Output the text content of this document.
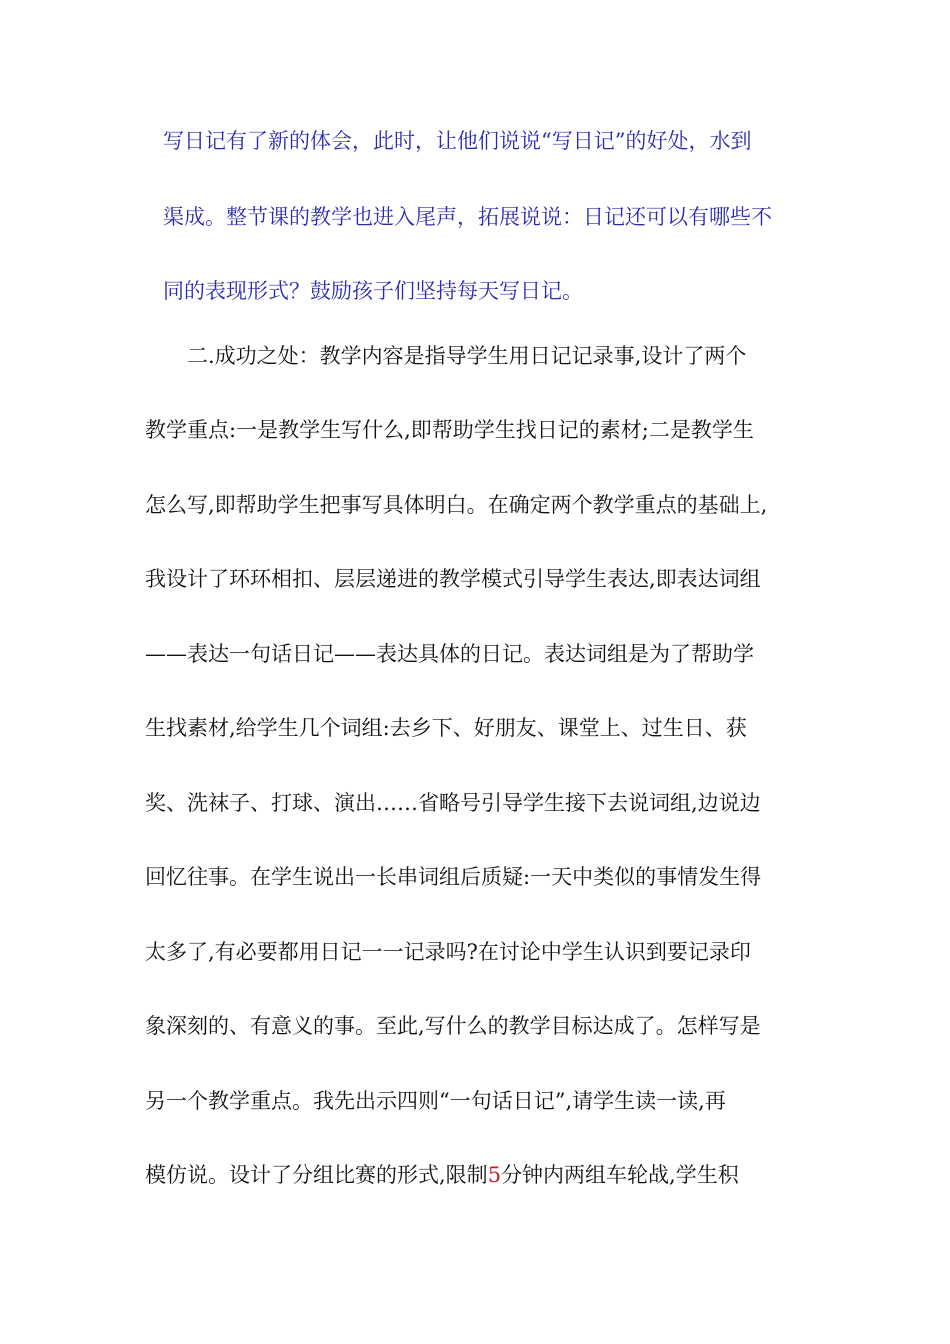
写日记有了新的体会，此时，让他们说说“写日记”的好处，水到
渠成。整节课的教学也进入尾声，拓展说说：日记还可以有哪些不
同的表现形式？鼓励孩子们坚持每天写日记。
二.成功之处：教学内容是指导学生用日记记录事,设计了两个
教学重点:一是教学生写什么,即帮助学生找日记的素材;二是教学生
怎么写,即帮助学生把事写具体明白。在确定两个教学重点的基础上,
我设计了环环相扣、层层递进的教学模式引导学生表达,即表达词组
——表达一句话日记——表达具体的日记。表达词组是为了帮助学
生找素材,给学生几个词组:去乡下、好朋友、课堂上、过生日、获
奖、洗袜子、打球、演出……省略号引导学生接下去说词组,边说边
回忆往事。在学生说出一长串词组后质疑:一天中类似的事情发生得
太多了,有必要都用日记一一记录吗?在讨论中学生认识到要记录印
象深刻的、有意义的事。至此,写什么的教学目标达成了。怎样写是
另一个教学重点。我先出示四则“一句话日记”,请学生读一读,再
模仿说。设计了分组比赛的形式,限制5分钟内两组车轮战,学生积
